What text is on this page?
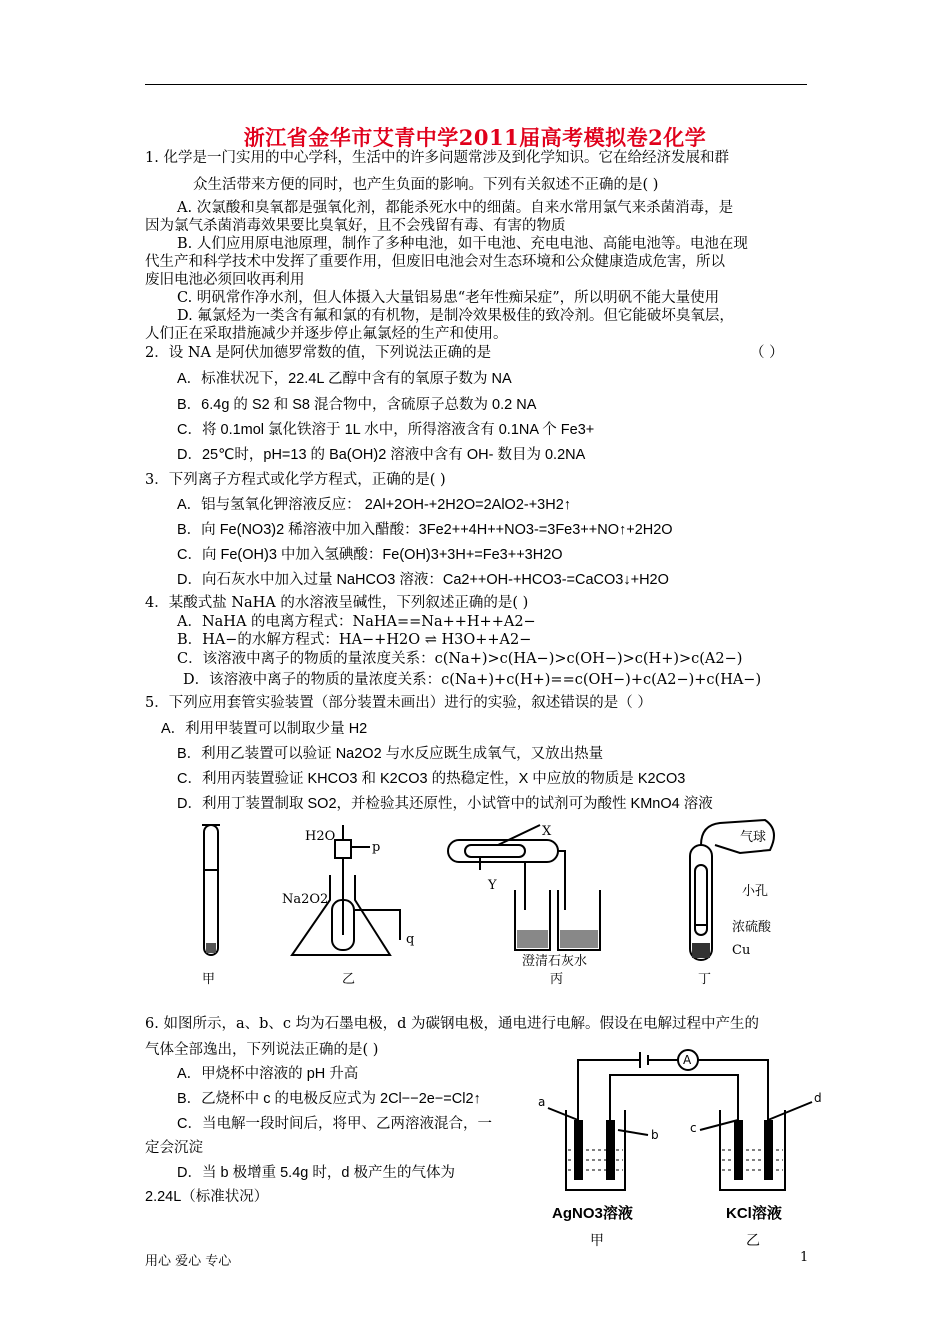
浙江省金华市艾青中学2011届高考模拟卷2化学
1. 化学是一门实用的中心学科，生活中的许多问题常涉及到化学知识。它在给经济发展和群
众生活带来方便的同时，也产生负面的影响。下列有关叙述不正确的是( )
A. 次氯酸和臭氧都是强氧化剂，都能杀死水中的细菌。自来水常用氯气来杀菌消毒，是
因为氯气杀菌消毒效果要比臭氧好，且不会残留有毒、有害的物质
B. 人们应用原电池原理，制作了多种电池，如干电池、充电电池、高能电池等。电池在现
代生产和科学技术中发挥了重要作用，但废旧电池会对生态环境和公众健康造成危害，所以
废旧电池必须回收再利用
C. 明矾常作净水剂，但人体摄入大量铝易患“老年性痴呆症”，所以明矾不能大量使用
D. 氟氯烃为一类含有氟和氯的有机物，是制冷效果极佳的致冷剂。但它能破坏臭氧层，
人们正在采取措施减少并逐步停止氟氯烃的生产和使用。
2．设 NA 是阿伏加德罗常数的值，下列说法正确的是	（ ）
A．标准状况下，22.4L 乙醇中含有的氧原子数为 NA
B．6.4g 的 S2 和 S8 混合物中，含硫原子总数为 0.2 NA
C．将 0.1mol 氯化铁溶于 1L 水中，所得溶液含有 0.1NA 个 Fe3+
D．25℃时，pH=13 的 Ba(OH)2 溶液中含有 OH- 数目为 0.2NA
3．下列离子方程式或化学方程式，正确的是( )
A．铝与氢氧化钾溶液反应： 2Al+2OH-+2H2O=2AlO2-+3H2↑
B．向 Fe(NO3)2 稀溶液中加入醋酸：3Fe2++4H++NO3-=3Fe3++NO↑+2H2O
C．向 Fe(OH)3 中加入氢碘酸：Fe(OH)3+3H+=Fe3++3H2O
D．向石灰水中加入过量 NaHCO3 溶液：Ca2++OH-+HCO3-=CaCO3↓+H2O
4．某酸式盐 NaHA 的水溶液呈碱性，下列叙述正确的是( )
A．NaHA 的电离方程式：NaHA==Na++H++A2−
B．HA−的水解方程式：HA−+H2O ⇌ H3O++A2−
C．该溶液中离子的物质的量浓度关系：c(Na+)>c(HA−)>c(OH−)>c(H+)>c(A2−)
D．该溶液中离子的物质的量浓度关系：c(Na+)+c(H+)==c(OH−)+c(A2−)+c(HA−)
5．下列应用套管实验装置（部分装置未画出）进行的实验，叙述错误的是（ ）
A．利用甲装置可以制取少量 H2
B．利用乙装置可以验证 Na2O2 与水反应既生成氧气，又放出热量
C．利用丙装置验证 KHCO3 和 K2CO3 的热稳定性，X 中应放的物质是 K2CO3
D．利用丁装置制取 SO2，并检验其还原性，小试管中的试剂可为酸性 KMnO4 溶液
H2O
p
Na2O2
q
X
Y
澄清石灰水
气球
小孔
浓硫酸
Cu
甲	乙	丙	丁
6. 如图所示，a、b、c 均为石墨电极，d 为碳钢电极，通电进行电解。假设在电解过程中产生的
气体全部逸出，下列说法正确的是( )
A．甲烧杯中溶液的 pH 升高
B．乙烧杯中 c 的电极反应式为 2Cl−−2e−=Cl2↑
C．当电解一段时间后，将甲、乙两溶液混合，一
定会沉淀
D．当 b 极增重 5.4g 时，d 极产生的气体为
2.24L（标准状况）
A
a
b	c
d
AgNO3溶液	KCl溶液
甲	乙
用心 爱心 专心	1
